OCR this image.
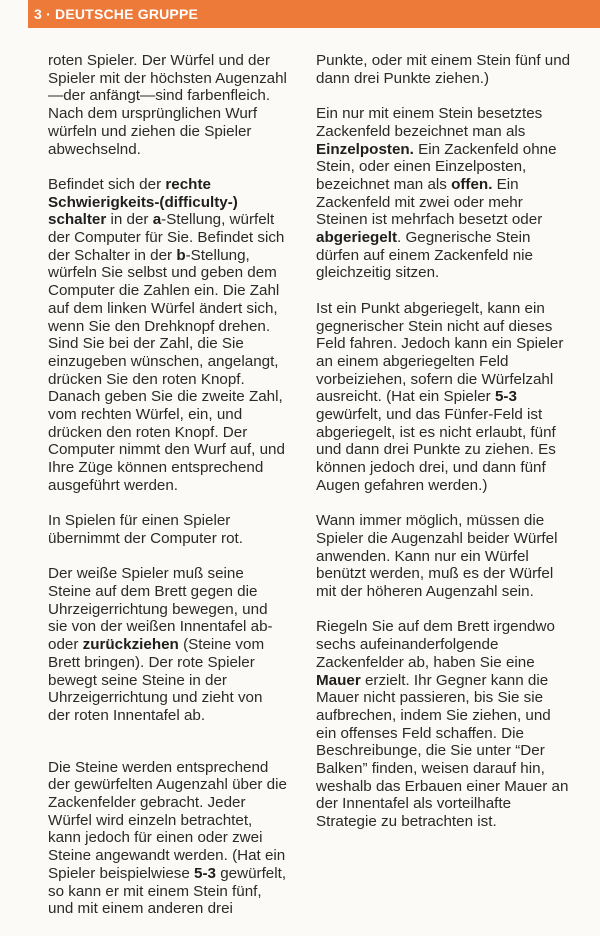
3 · DEUTSCHE GRUPPE

roten Spieler. Der Würfel und der Spieler mit der höchsten Augenzahl—der anfängt—sind farbenfleich. Nach dem ursprünglichen Wurf würfeln und ziehen die Spieler abwechselnd.

Befindet sich der rechte Schwierigkeits-(difficulty-) schalter in der a-Stellung, würfelt der Computer für Sie. Befindet sich der Schalter in der b-Stellung, würfeln Sie selbst und geben dem Computer die Zahlen ein. Die Zahl auf dem linken Würfel ändert sich, wenn Sie den Drehknopf drehen. Sind Sie bei der Zahl, die Sie einzugeben wünschen, angelangt, drücken Sie den roten Knopf. Danach geben Sie die zweite Zahl, vom rechten Würfel, ein, und drücken den roten Knopf. Der Computer nimmt den Wurf auf, und Ihre Züge können entsprechend ausgeführt werden.

In Spielen für einen Spieler übernimmt der Computer rot.

Der weiße Spieler muß seine Steine auf dem Brett gegen die Uhrzeigerrichtung bewegen, und sie von der weißen Innentafel ab-oder zurückziehen (Steine vom Brett bringen). Der rote Spieler bewegt seine Steine in der Uhrzeigerrichtung und zieht von der roten Innentafel ab.

Die Steine werden entsprechend der gewürfelten Augenzahl über die Zackenfelder gebracht. Jeder Würfel wird einzeln betrachtet, kann jedoch für einen oder zwei Steine angewandt werden. (Hat ein Spieler beispielwiese 5-3 gewürfelt, so kann er mit einem Stein fünf, und mit einem anderen drei

Punkte, oder mit einem Stein fünf und dann drei Punkte ziehen.)

Ein nur mit einem Stein besetztes Zackenfeld bezeichnet man als Einzelposten. Ein Zackenfeld ohne Stein, oder einen Einzelposten, bezeichnet man als offen. Ein Zackenfeld mit zwei oder mehr Steinen ist mehrfach besetzt oder abgeriegelt. Gegnerische Stein dürfen auf einem Zackenfeld nie gleichzeitig sitzen.

Ist ein Punkt abgeriegelt, kann ein gegnerischer Stein nicht auf dieses Feld fahren. Jedoch kann ein Spieler an einem abgeriegelten Feld vorbeiziehen, sofern die Würfelzahl ausreicht. (Hat ein Spieler 5-3 gewürfelt, und das Fünfer-Feld ist abgeriegelt, ist es nicht erlaubt, fünf und dann drei Punkte zu ziehen. Es können jedoch drei, und dann fünf Augen gefahren werden.)

Wann immer möglich, müssen die Spieler die Augenzahl beider Würfel anwenden. Kann nur ein Würfel benützt werden, muß es der Würfel mit der höheren Augenzahl sein.

Riegeln Sie auf dem Brett irgendwo sechs aufeinanderfolgende Zackenfelder ab, haben Sie eine Mauer erzielt. Ihr Gegner kann die Mauer nicht passieren, bis Sie sie aufbrechen, indem Sie ziehen, und ein offenses Feld schaffen. Die Beschreibunge, die Sie unter “Der Balken” finden, weisen darauf hin, weshalb das Erbauen einer Mauer an der Innentafel als vorteilhafte Strategie zu betrachten ist.
